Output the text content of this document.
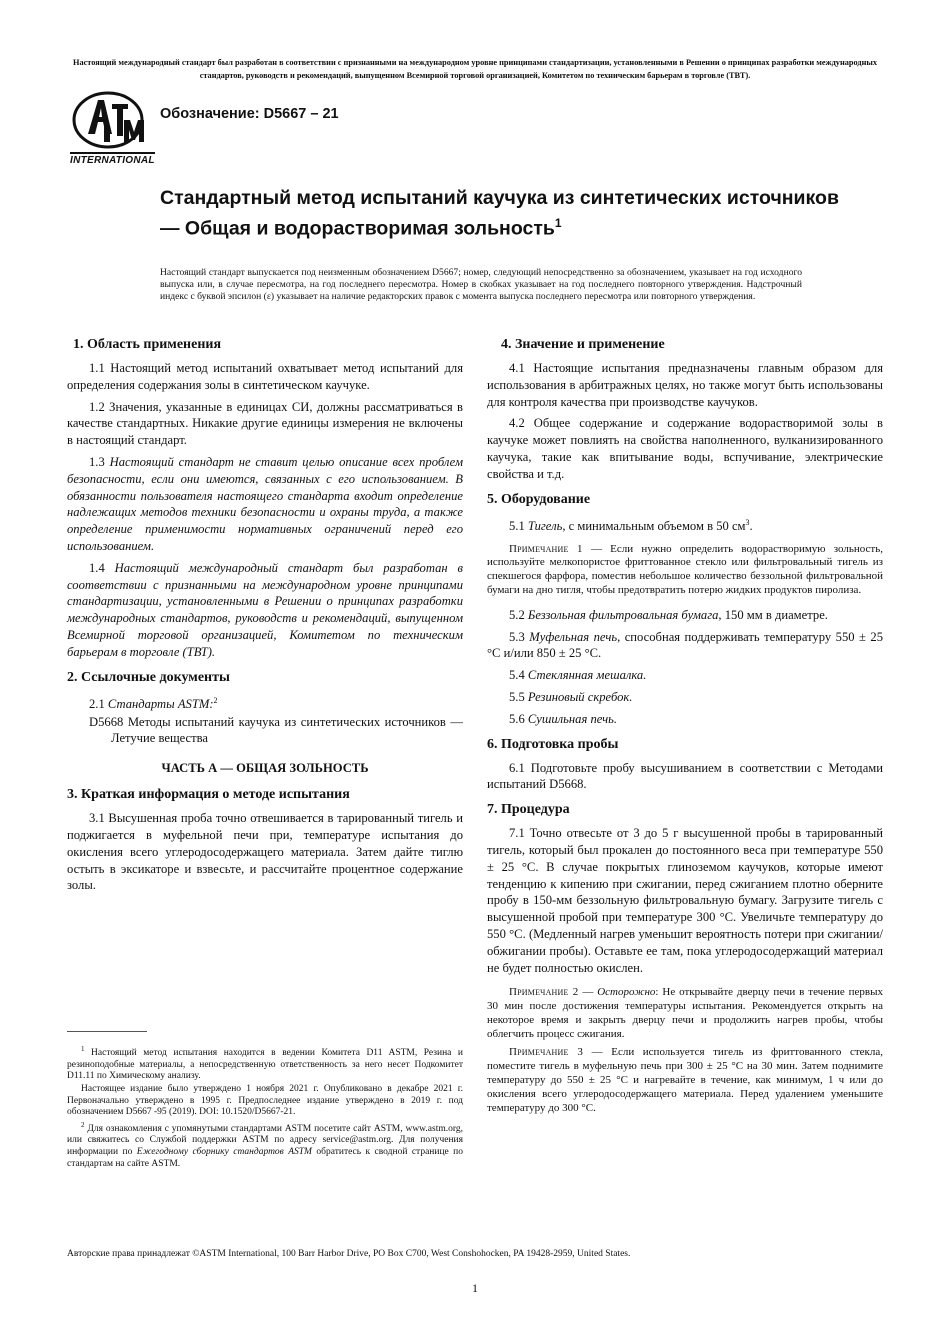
Настоящий международный стандарт был разработан в соответствии с признанными на международном уровне принципами стандартизации, установленными в Решении о принципах разработки международных стандартов, руководств и рекомендаций, выпущенном Всемирной торговой организацией, Комитетом по техническим барьерам в торговле (ТВТ).
INTERNATIONAL
Обозначение: D5667 – 21
Стандартный метод испытаний каучука из синтетических источников — Общая и водорастворимая зольность$^1$
Настоящий стандарт выпускается под неизменным обозначением D5667; номер, следующий непосредственно за обозначением, указывает на год исходного выпуска или, в случае пересмотра, на год последнего пересмотра. Номер в скобках указывает на год последнего повторного утверждения. Надстрочный индекс с буквой эпсилон (ε) указывает на наличие редакторских правок с момента выпуска последнего пересмотра или повторного утверждения.
1. Область применения

1.1 Настоящий метод испытаний охватывает метод испытаний для определения содержания золы в синтетическом каучуке.

1.2 Значения, указанные в единицах СИ, должны рассматриваться в качестве стандартных. Никакие другие единицы измерения не включены в настоящий стандарт.

1.3 Настоящий стандарт не ставит целью описание всех проблем безопасности, если они имеются, связанных с его использованием. В обязанности пользователя настоящего стандарта входит определение надлежащих методов техники безопасности и охраны труда, а также определение применимости нормативных ограничений перед его использованием.

1.4 Настоящий международный стандарт был разработан в соответствии с признанными на международном уровне принципами стандартизации, установленными в Решении о принципах разработки международных стандартов, руководств и рекомендаций, выпущенном Всемирной торговой организацией, Комитетом по техническим барьерам в торговле (ТВТ).

2. Ссылочные документы

2.1 Стандарты ASTM:$^2$

D5668 Методы испытаний каучука из синтетических источников — Летучие вещества

ЧАСТЬ А — ОБЩАЯ ЗОЛЬНОСТЬ
3. Краткая информация о методе испытания

3.1 Высушенная проба точно отвешивается в тарированный тигель и поджигается в муфельной печи при, температуре испытания до окисления всего углеродосодержащего материала. Затем дайте тиглю остыть в эксикаторе и взвесьте, и рассчитайте процентное содержание золы.

$^1$ Настоящий метод испытания находится в ведении Комитета D11 ASTM, Резина и резиноподобные материалы, а непосредственную ответственность за него несет Подкомитет D11.11 по Химическому анализу.

Настоящее издание было утверждено 1 ноября 2021 г. Опубликовано в декабре 2021 г. Первоначально утверждено в 1995 г. Предпоследнее издание утверждено в 2019 г. под обозначением D5667 -95 (2019). DOI: 10.1520/D5667-21.

$^2$ Для ознакомления с упомянутыми стандартами ASTM посетите сайт ASTM, www.astm.org, или свяжитесь со Службой поддержки ASTM по адресу service@astm.org. Для получения информации по Ежегодному сборнику стандартов ASTM обратитесь к сводной странице по стандартам на сайте ASTM.

4. Значение и применение

4.1 Настоящие испытания предназначены главным образом для использования в арбитражных целях, но также могут быть использованы для контроля качества при производстве каучуков.

4.2 Общее содержание и содержание водорастворимой золы в каучуке может повлиять на свойства наполненного, вулканизированного каучука, такие как впитывание воды, вспучивание, электрические свойства и т.д.

5. Оборудование

5.1 Тигель, с минимальным объемом в 50 $см^3$.

Примечание 1 — Если нужно определить водорастворимую зольность, используйте мелкопористое фриттованное стекло или фильтровальный тигель из спекшегося фарфора, поместив небольшое количество беззольной фильтровальной бумаги на дно тигля, чтобы предотвратить потерю жидких продуктов пиролиза.

5.2 Беззольная фильтровальная бумага, 150 мм в диаметре.

5.3 Муфельная печь, способная поддерживать температуру 550 ± 25 °C и/или 850 ± 25 °C.

5.4 Стеклянная мешалка.

5.5 Резиновый скребок.

5.6 Сушильная печь.

6. Подготовка пробы

6.1 Подготовьте пробу высушиванием в соответствии с Методами испытаний D5668.

7. Процедура

7.1 Точно отвесьте от 3 до 5 г высушенной пробы в тарированный тигель, который был прокален до постоянного веса при температуре 550 ± 25 °C. В случае покрытых глиноземом каучуков, которые имеют тенденцию к кипению при сжигании, перед сжиганием плотно оберните пробу в 150-мм беззольную фильтровальную бумагу. Загрузите тигель с высушенной пробой при температуре 300 °C. Увеличьте температуру до 550 °C. (Медленный нагрев уменьшит вероятность потери при сжигании/обжигании пробы). Оставьте ее там, пока углеродосодержащий материал не будет полностью окислен.

Примечание 2 — Осторожно: Не открывайте дверцу печи в течение первых 30 мин после достижения температуры испытания. Рекомендуется открыть на некоторое время и закрыть дверцу печи и продолжить нагрев пробы, чтобы облегчить процесс сжигания.

Примечание 3 — Если используется тигель из фриттованного стекла, поместите тигель в муфельную печь при 300 ± 25 °C на 30 мин. Затем поднимите температуру до 550 ± 25 °C и нагревайте в течение, как минимум, 1 ч или до окисления всего углеродосодержащего материала. Перед удалением уменьшите температуру до 300 °C.

Авторские права принадлежат ©ASTM International, 100 Barr Harbor Drive, PO Box C700, West Conshohocken, PA 19428-2959, United States.
1
